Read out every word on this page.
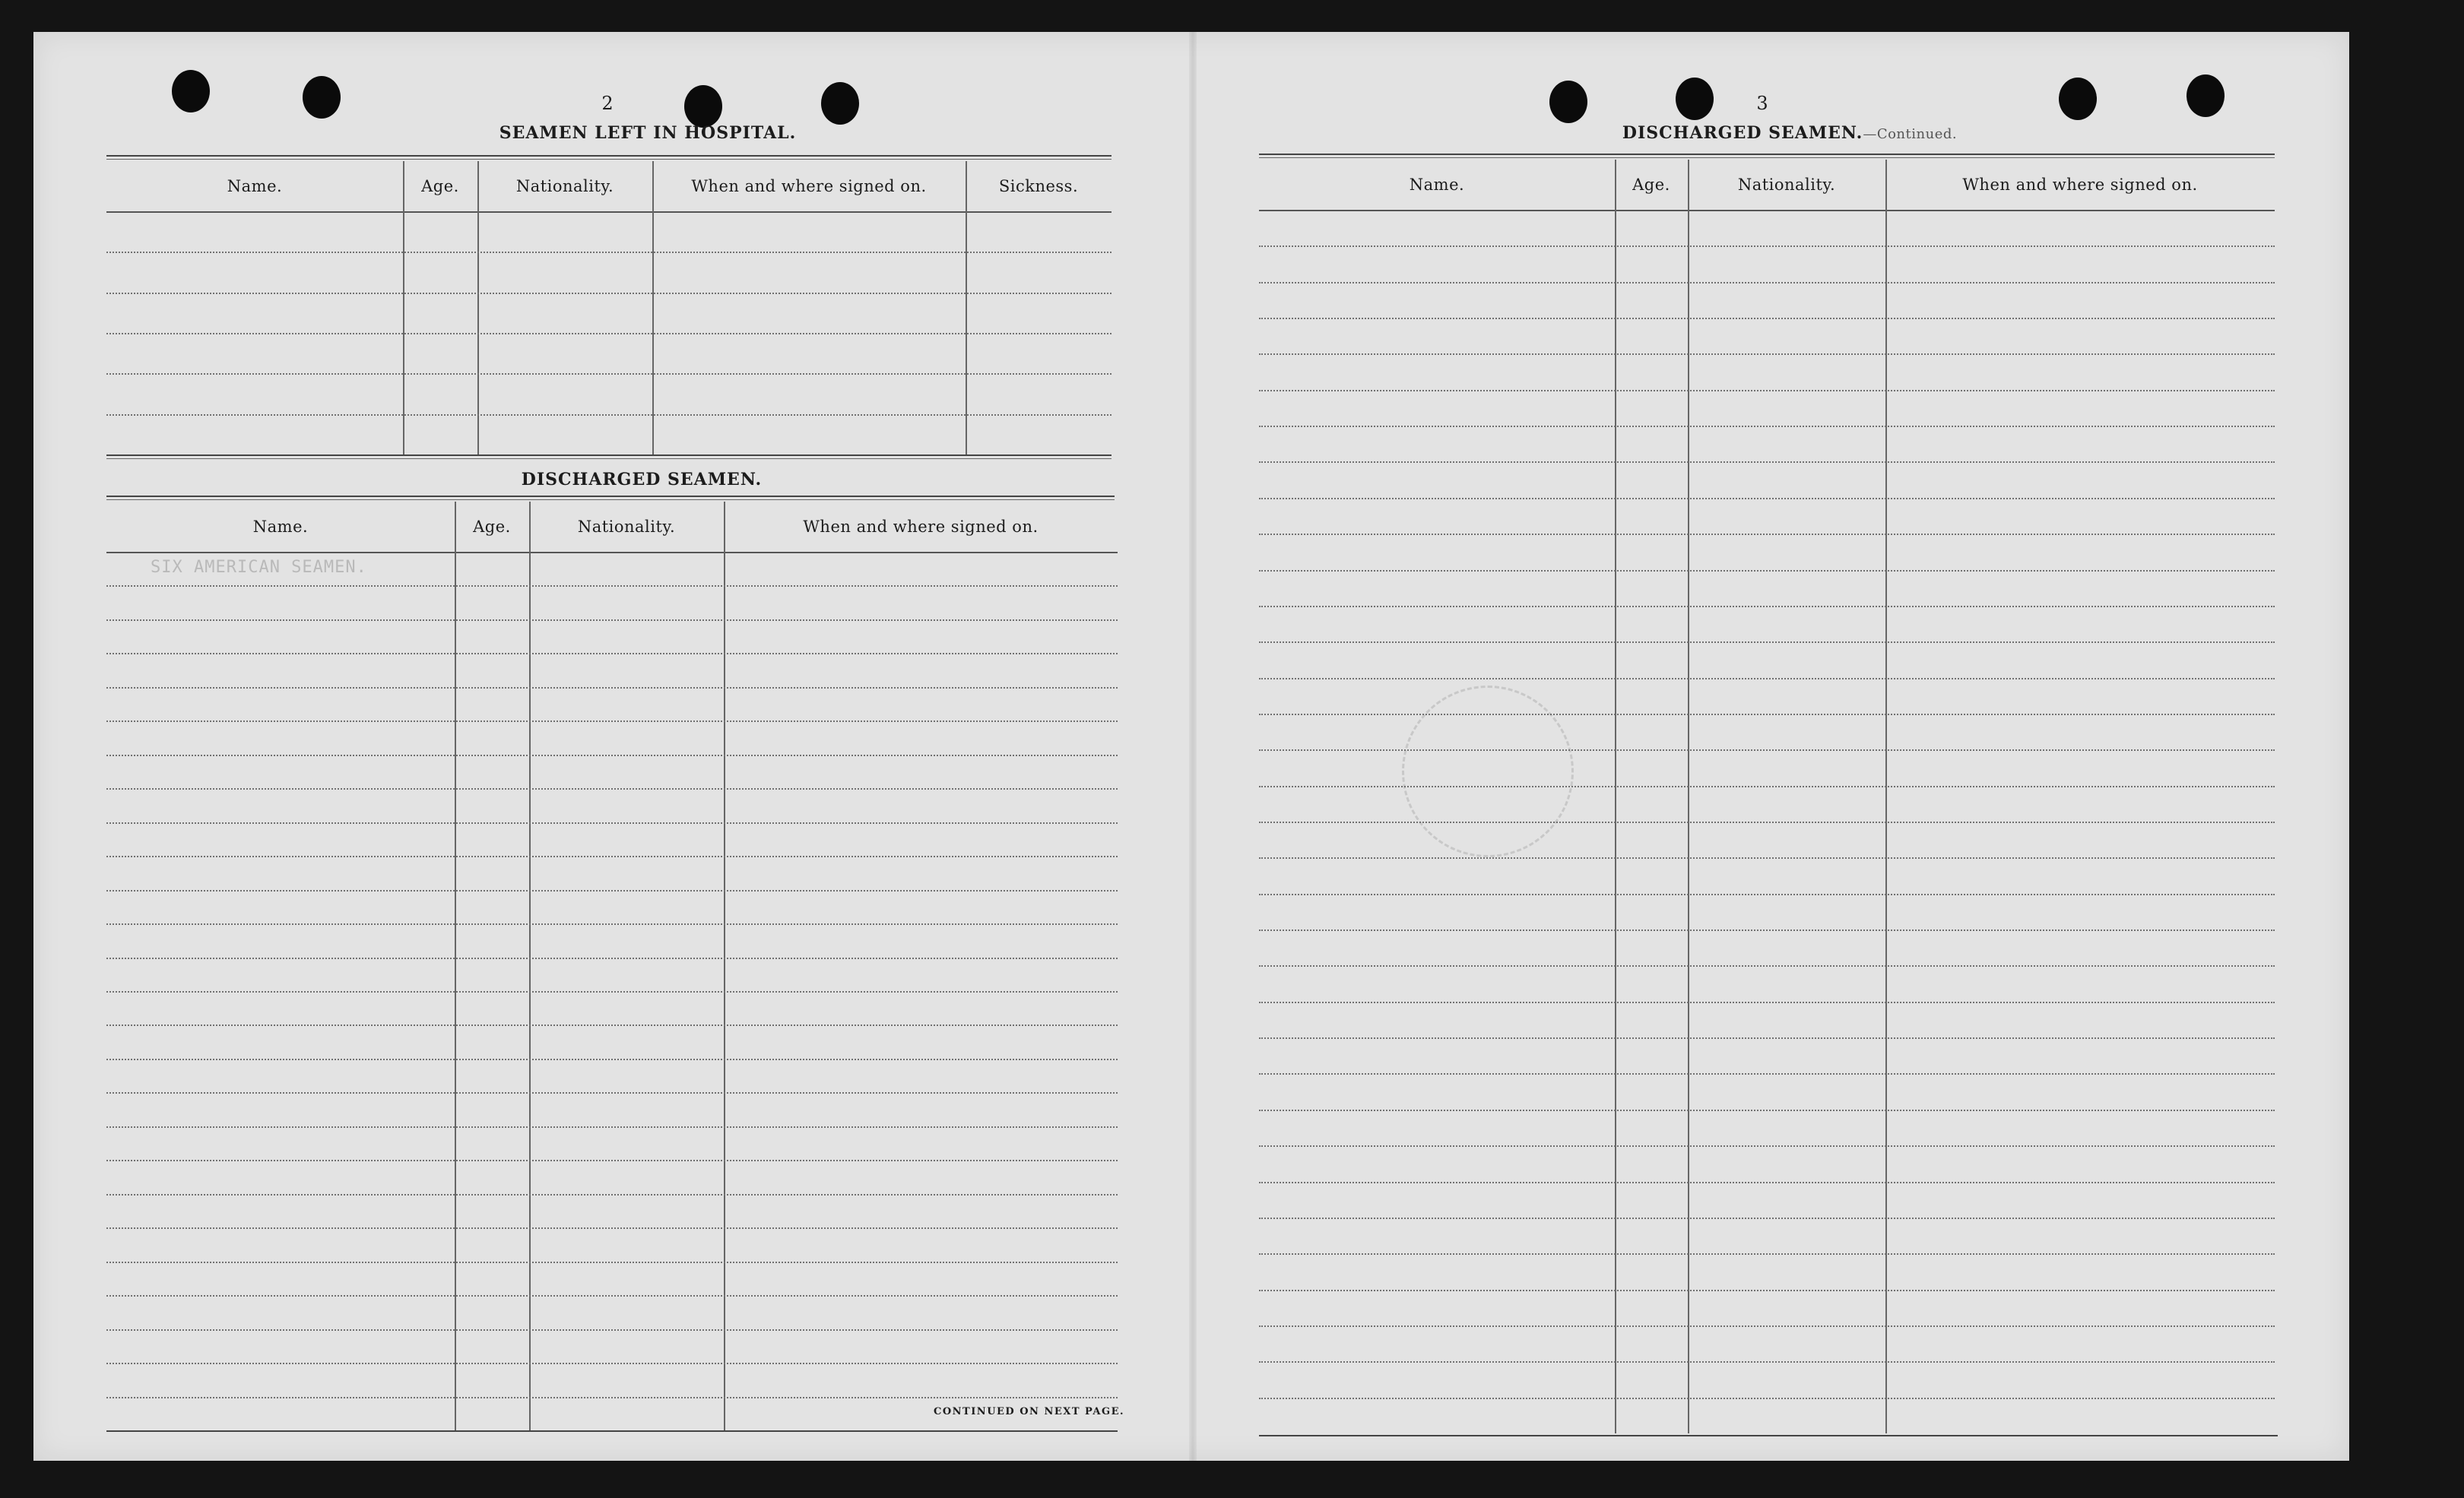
2
SEAMEN LEFT IN HOSPITAL.
Name.	Age.	Nationality.	When and where signed on.	Sickness.
DISCHARGED SEAMEN.
Name.	Age.	Nationality.	When and where signed on.
SIX AMERICAN SEAMEN.
CONTINUED ON NEXT PAGE.
3
DISCHARGED SEAMEN.—Continued.
Name.	Age.	Nationality.	When and where signed on.
